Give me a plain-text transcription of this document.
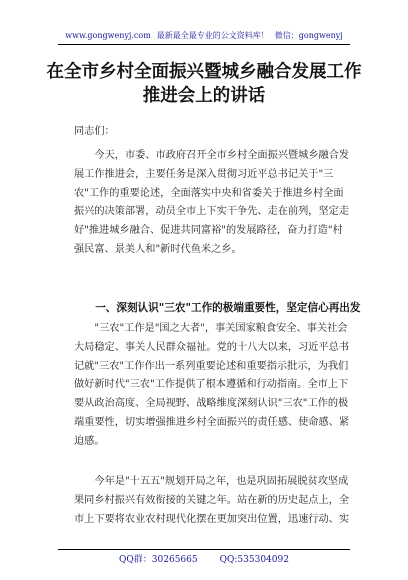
www.gongwenyj.com 最新最全最专业的公文资料库！ 微信：gongwenyj
在全市乡村全面振兴暨城乡融合发展工作
推进会上的讲话
同志们：
今天，市委、市政府召开全市乡村全面振兴暨城乡融合发展工作推进会，主要任务是深入贯彻习近平总书记关于"三农"工作的重要论述，全面落实中央和省委关于推进乡村全面振兴的决策部署，动员全市上下实干争先、走在前列，坚定走好"推进城乡融合、促进共同富裕"的发展路径，奋力打造"村强民富、景美人和"新时代鱼米之乡。
一、深刻认识"三农"工作的极端重要性，坚定信心再出发
"三农"工作是"国之大者"，事关国家粮食安全、事关社会大局稳定、事关人民群众福祉。党的十八大以来，习近平总书记就"三农"工作作出一系列重要论述和重要指示批示，为我们做好新时代"三农"工作提供了根本遵循和行动指南。全市上下要从政治高度、全局视野、战略维度深刻认识"三农"工作的极端重要性，切实增强推进乡村全面振兴的责任感、使命感、紧迫感。
今年是"十五五"规划开局之年，也是巩固拓展脱贫攻坚成果同乡村振兴有效衔接的关键之年。站在新的历史起点上，全市上下要将农业农村现代化摆在更加突出位置，迅速行动、实
QQ群：30265665 QQ:535304092
